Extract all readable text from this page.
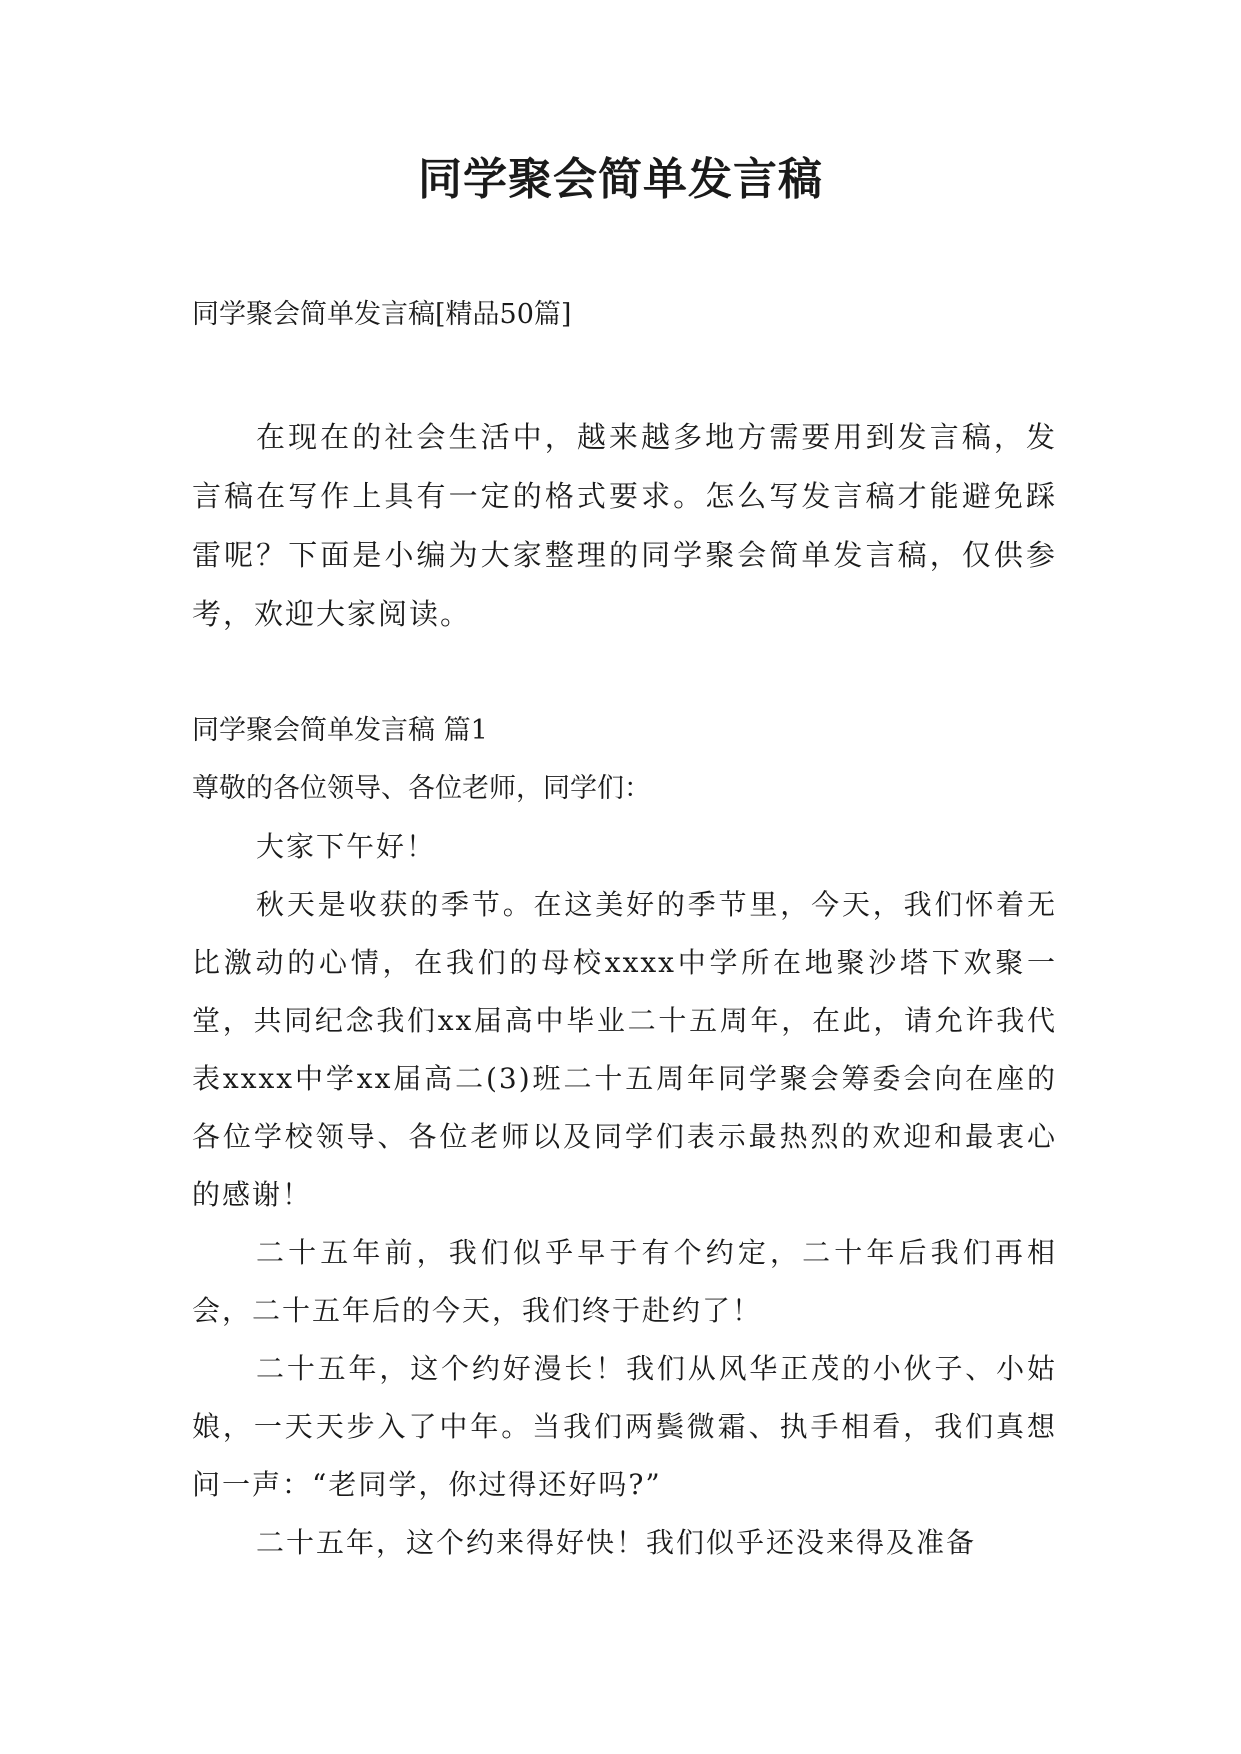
同学聚会简单发言稿

同学聚会简单发言稿[精品50篇]

在现在的社会生活中，越来越多地方需要用到发言稿，发言稿在写作上具有一定的格式要求。怎么写发言稿才能避免踩雷呢？下面是小编为大家整理的同学聚会简单发言稿，仅供参考，欢迎大家阅读。

同学聚会简单发言稿 篇1

尊敬的各位领导、各位老师，同学们：

大家下午好！

秋天是收获的季节。在这美好的季节里，今天，我们怀着无比激动的心情，在我们的母校xxxx中学所在地聚沙塔下欢聚一堂，共同纪念我们xx届高中毕业二十五周年，在此，请允许我代表xxxx中学xx届高二(3)班二十五周年同学聚会筹委会向在座的各位学校领导、各位老师以及同学们表示最热烈的欢迎和最衷心的感谢！

二十五年前，我们似乎早于有个约定，二十年后我们再相会，二十五年后的今天，我们终于赴约了！

二十五年，这个约好漫长！我们从风华正茂的小伙子、小姑娘，一天天步入了中年。当我们两鬓微霜、执手相看，我们真想问一声：“老同学，你过得还好吗?”

二十五年，这个约来得好快！我们似乎还没来得及准备
